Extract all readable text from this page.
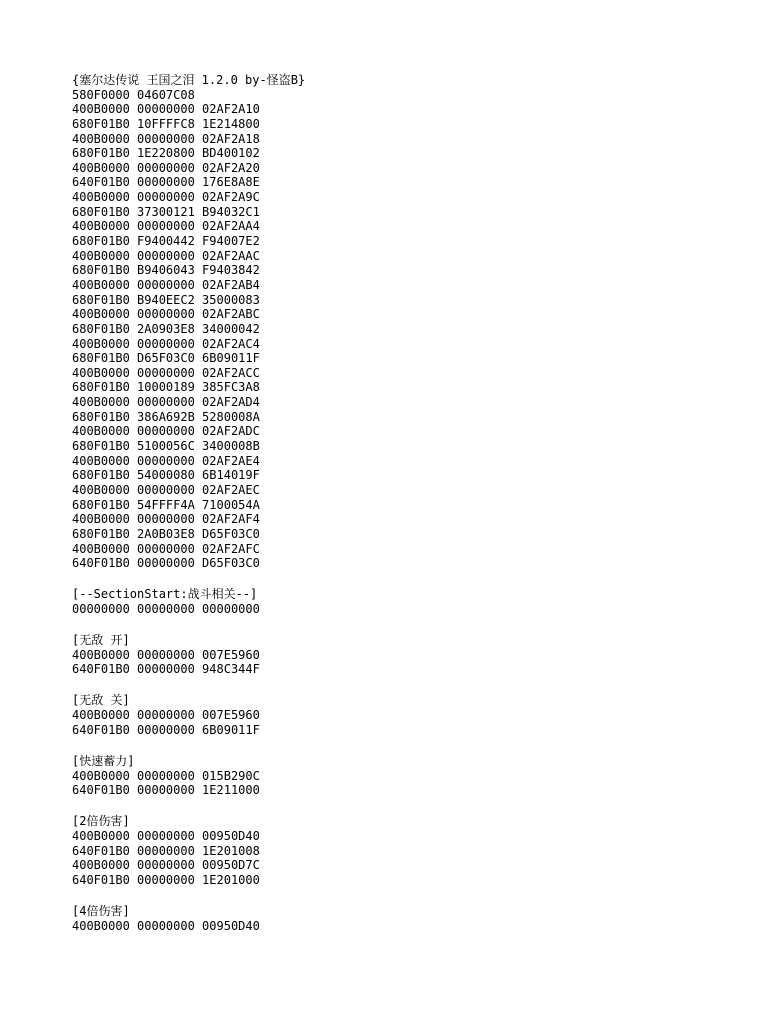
{塞尔达传说 王国之泪 1.2.0 by-怪盗B}
580F0000 04607C08
400B0000 00000000 02AF2A10
680F01B0 10FFFFC8 1E214800
400B0000 00000000 02AF2A18
680F01B0 1E220800 BD400102
400B0000 00000000 02AF2A20
640F01B0 00000000 176E8A8E
400B0000 00000000 02AF2A9C
680F01B0 37300121 B94032C1
400B0000 00000000 02AF2AA4
680F01B0 F9400442 F94007E2
400B0000 00000000 02AF2AAC
680F01B0 B9406043 F9403842
400B0000 00000000 02AF2AB4
680F01B0 B940EEC2 35000083
400B0000 00000000 02AF2ABC
680F01B0 2A0903E8 34000042
400B0000 00000000 02AF2AC4
680F01B0 D65F03C0 6B09011F
400B0000 00000000 02AF2ACC
680F01B0 10000189 385FC3A8
400B0000 00000000 02AF2AD4
680F01B0 386A692B 5280008A
400B0000 00000000 02AF2ADC
680F01B0 5100056C 3400008B
400B0000 00000000 02AF2AE4
680F01B0 54000080 6B14019F
400B0000 00000000 02AF2AEC
680F01B0 54FFFF4A 7100054A
400B0000 00000000 02AF2AF4
680F01B0 2A0B03E8 D65F03C0
400B0000 00000000 02AF2AFC
640F01B0 00000000 D65F03C0
[--SectionStart:战斗相关--]
00000000 00000000 00000000
[无敌 开]
400B0000 00000000 007E5960
640F01B0 00000000 948C344F
[无敌 关]
400B0000 00000000 007E5960
640F01B0 00000000 6B09011F
[快速蓄力]
400B0000 00000000 015B290C
640F01B0 00000000 1E211000
[2倍伤害]
400B0000 00000000 00950D40
640F01B0 00000000 1E201008
400B0000 00000000 00950D7C
640F01B0 00000000 1E201000
[4倍伤害]
400B0000 00000000 00950D40
